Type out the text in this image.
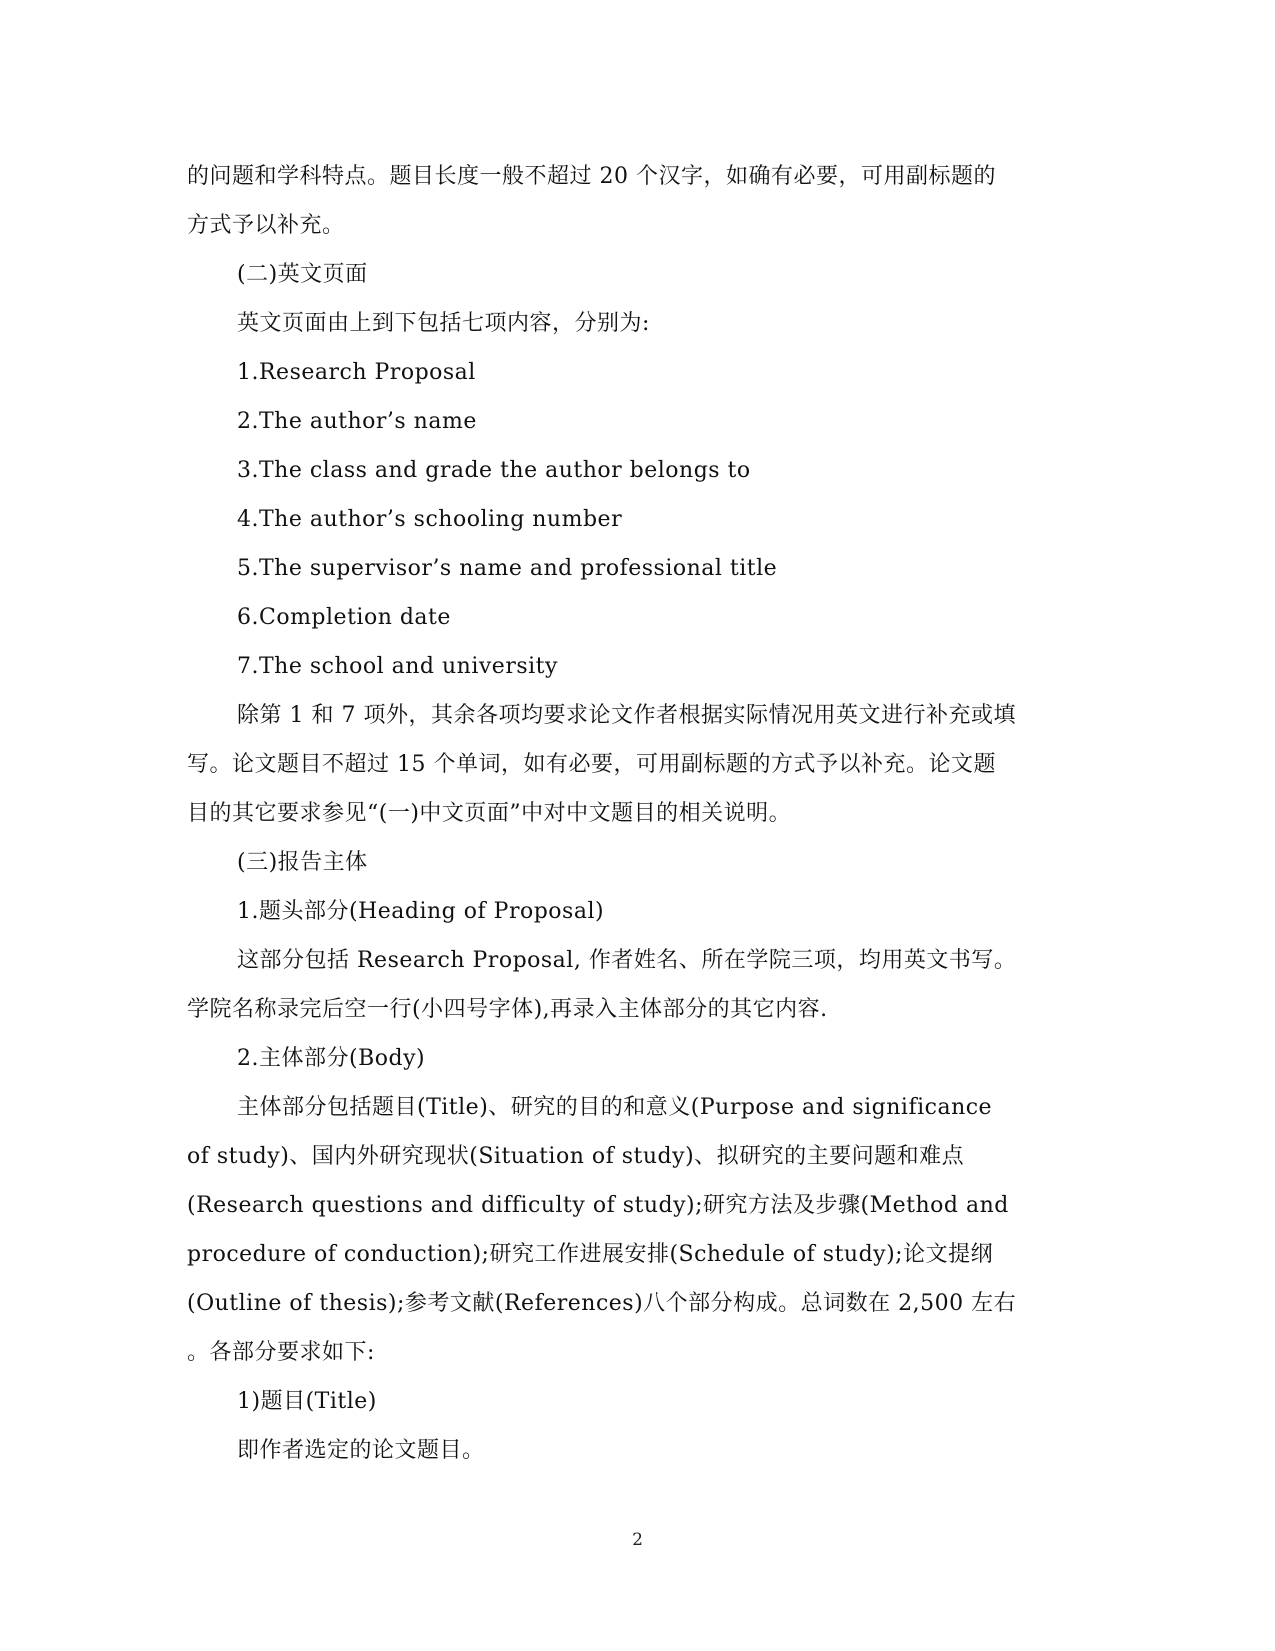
的问题和学科特点。题目长度一般不超过 20 个汉字，如确有必要，可用副标题的

方式予以补充。

(二)英文页面

英文页面由上到下包括七项内容，分别为:

1.Research Proposal

2.The author’s name

3.The class and grade the author belongs to

4.The author’s schooling number

5.The supervisor’s name and professional title

6.Completion date

7.The school and university

除第 1 和 7 项外，其余各项均要求论文作者根据实际情况用英文进行补充或填

写。论文题目不超过 15 个单词，如有必要，可用副标题的方式予以补充。论文题

目的其它要求参见“(一)中文页面”中对中文题目的相关说明。

(三)报告主体

1.题头部分(Heading of Proposal)

这部分包括 Research Proposal, 作者姓名、所在学院三项，均用英文书写。

学院名称录完后空一行(小四号字体),再录入主体部分的其它内容.

2.主体部分(Body)

主体部分包括题目(Title)、研究的目的和意义(Purpose and significance

of study)、国内外研究现状(Situation of study)、拟研究的主要问题和难点

(Research questions and difficulty of study);研究方法及步骤(Method and

procedure of conduction);研究工作进展安排(Schedule of study);论文提纲

(Outline of thesis);参考文献(References)八个部分构成。总词数在 2,500 左右

。各部分要求如下:

1)题目(Title)

即作者选定的论文题目。

2
